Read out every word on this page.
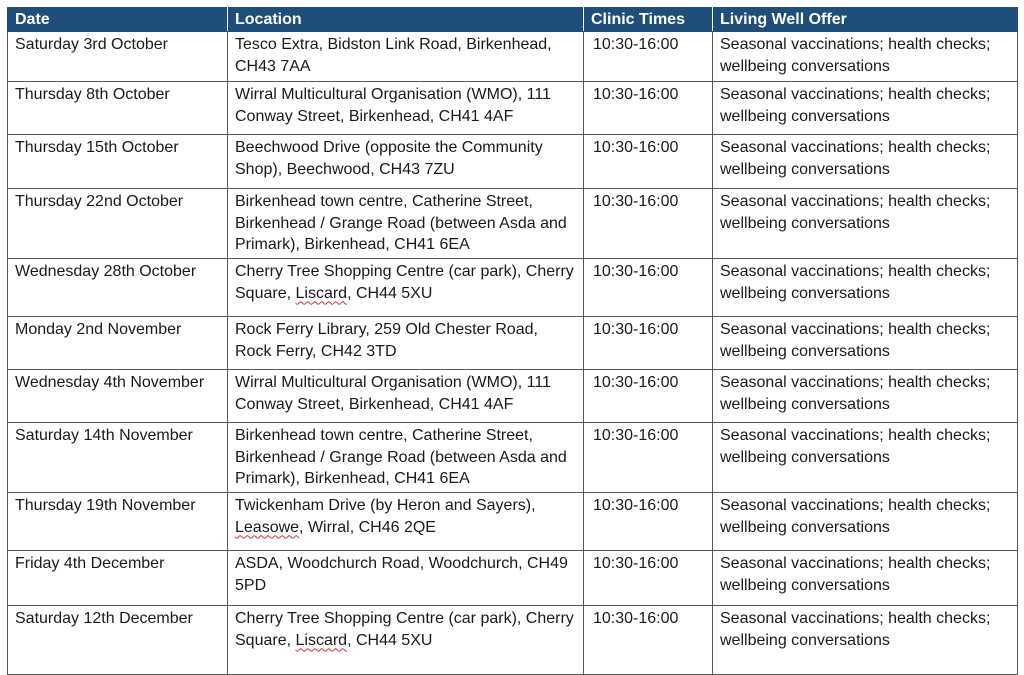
Date	Location	Clinic Times	Living Well Offer
Saturday 3rd October	Tesco Extra, Bidston Link Road, Birkenhead, CH43 7AA	10:30-16:00	Seasonal vaccinations; health checks; wellbeing conversations
Thursday 8th October	Wirral Multicultural Organisation (WMO), 111 Conway Street, Birkenhead, CH41 4AF	10:30-16:00	Seasonal vaccinations; health checks; wellbeing conversations
Thursday 15th October	Beechwood Drive (opposite the Community Shop), Beechwood, CH43 7ZU	10:30-16:00	Seasonal vaccinations; health checks; wellbeing conversations
Thursday 22nd October	Birkenhead town centre, Catherine Street, Birkenhead / Grange Road (between Asda and Primark), Birkenhead, CH41 6EA	10:30-16:00	Seasonal vaccinations; health checks; wellbeing conversations
Wednesday 28th October	Cherry Tree Shopping Centre (car park), Cherry Square, Liscard, CH44 5XU	10:30-16:00	Seasonal vaccinations; health checks; wellbeing conversations
Monday 2nd November	Rock Ferry Library, 259 Old Chester Road, Rock Ferry, CH42 3TD	10:30-16:00	Seasonal vaccinations; health checks; wellbeing conversations
Wednesday 4th November	Wirral Multicultural Organisation (WMO), 111 Conway Street, Birkenhead, CH41 4AF	10:30-16:00	Seasonal vaccinations; health checks; wellbeing conversations
Saturday 14th November	Birkenhead town centre, Catherine Street, Birkenhead / Grange Road (between Asda and Primark), Birkenhead, CH41 6EA	10:30-16:00	Seasonal vaccinations; health checks; wellbeing conversations
Thursday 19th November	Twickenham Drive (by Heron and Sayers), Leasowe, Wirral, CH46 2QE	10:30-16:00	Seasonal vaccinations; health checks; wellbeing conversations
Friday 4th December	ASDA, Woodchurch Road, Woodchurch, CH49 5PD	10:30-16:00	Seasonal vaccinations; health checks; wellbeing conversations
Saturday 12th December	Cherry Tree Shopping Centre (car park), Cherry Square, Liscard, CH44 5XU	10:30-16:00	Seasonal vaccinations; health checks; wellbeing conversations
